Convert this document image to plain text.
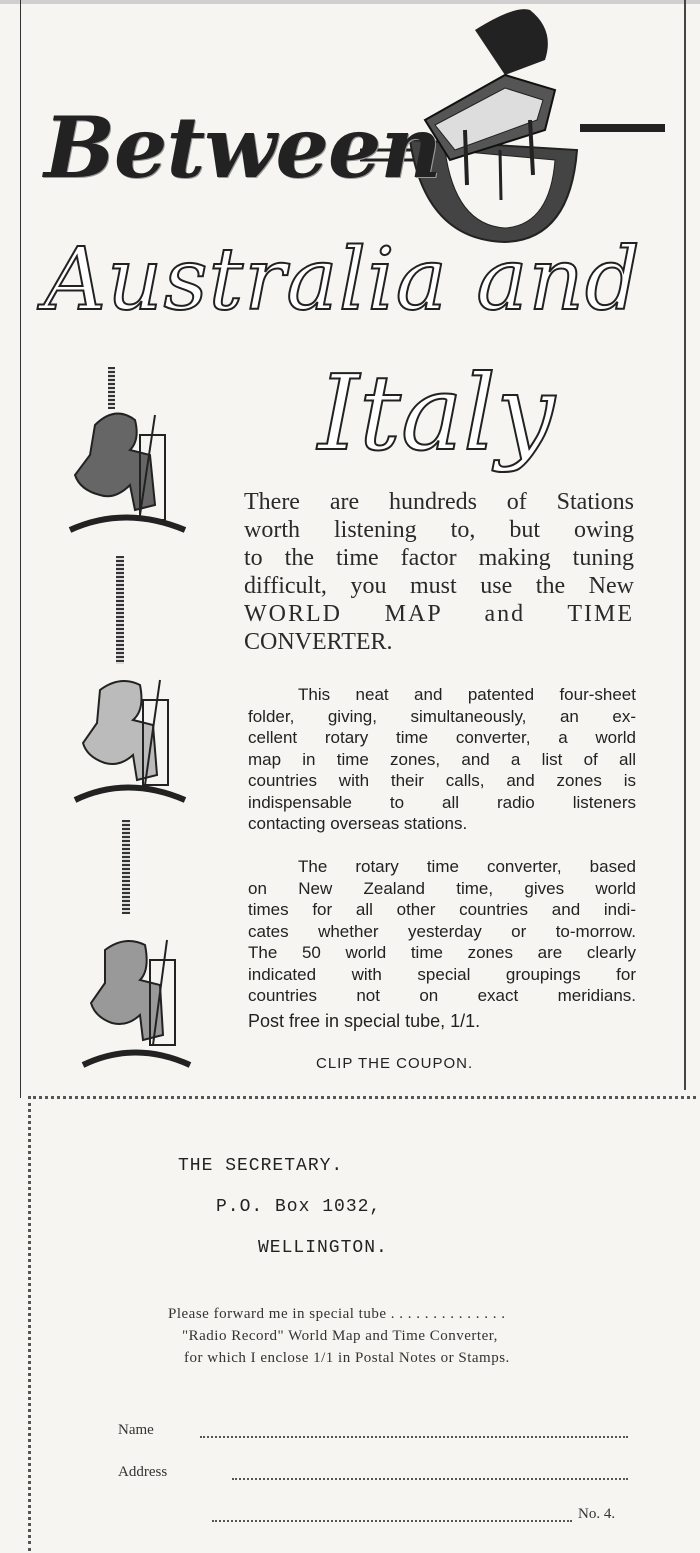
Between
Australia and
Italy
There are hundreds of Stations
worth listening to, but owing
to the time factor making tuning
difficult, you must use the New
WORLD MAP and TIME
CONVERTER.
This neat and patented four-sheet
folder, giving, simultaneously, an ex-
cellent rotary time converter, a world
map in time zones, and a list of all
countries with their calls, and zones is
indispensable to all radio listeners
contacting overseas stations.
The rotary time converter, based
on New Zealand time, gives world
times for all other countries and indi-
cates whether yesterday or to-morrow.
The 50 world time zones are clearly
indicated with special groupings for
countries not on exact meridians.
Post free in special tube, 1/1.
CLIP THE COUPON.
THE SECRETARY.
P.O. Box 1032,
WELLINGTON.
Please forward me in special tube . . . . . . . . . . . . . .
"Radio Record" World Map and Time Converter,
for which I enclose 1/1 in Postal Notes or Stamps.
Name
Address
No. 4.
